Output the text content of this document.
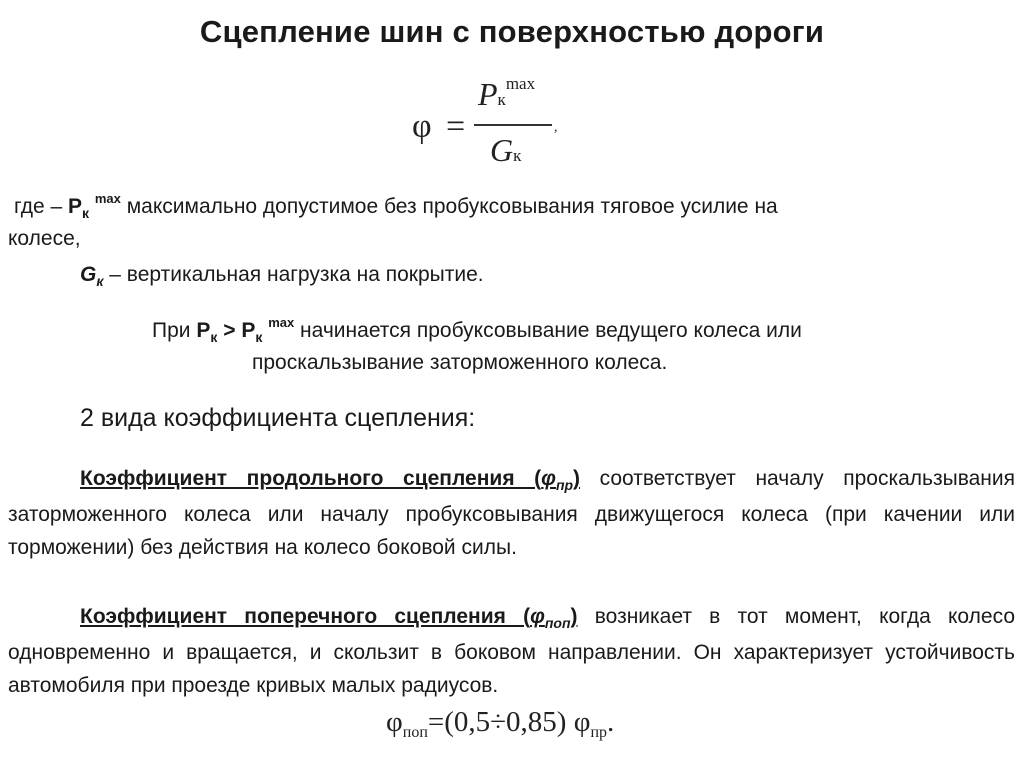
Сцепление шин с поверхностью дороги
φ =
$Pк^{max}$
Gк
,
где – $Р_к$ $^{max}$ максимально допустимое без пробуксовывания тяговое усилие на
колесе,
$G_к$ – вертикальная нагрузка на покрытие.
При $Р_к > Р_к$ $^{max}$ начинается пробуксовывание ведущего колеса или
проскальзывание заторможенного колеса.
2 вида коэффициента сцепления:
Коэффициент продольного сцепления $(\varphi_{пр})$ соответствует началу проскальзывания заторможенного колеса или началу пробуксовывания движущегося колеса (при качении или торможении) без действия на колесо боковой силы.
Коэффициент поперечного сцепления $(\varphi_{поп})$ возникает в тот момент, когда колесо одновременно и вращается, и скользит в боковом направлении. Он характеризует устойчивость автомобиля при проезде кривых малых радиусов.
$\varphi_{поп}=(0,5\div 0,85)$ $\varphi_{пр}$.
